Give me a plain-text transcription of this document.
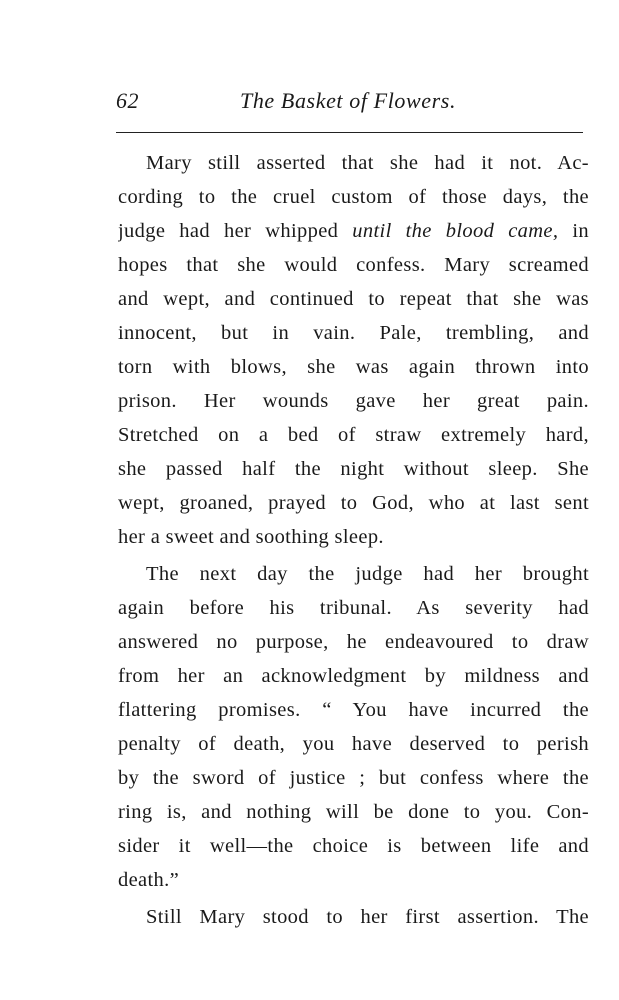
62	The Basket of Flowers.
Mary still asserted that she had it not. Ac-
cording to the cruel custom of those days, the
judge had her whipped until the blood came, in
hopes that she would confess. Mary screamed
and wept, and continued to repeat that she was
innocent, but in vain. Pale, trembling, and
torn with blows, she was again thrown into
prison. Her wounds gave her great pain.
Stretched on a bed of straw extremely hard,
she passed half the night without sleep. She
wept, groaned, prayed to God, who at last sent
her a sweet and soothing sleep.
The next day the judge had her brought
again before his tribunal. As severity had
answered no purpose, he endeavoured to draw
from her an acknowledgment by mildness and
flattering promises. “ You have incurred the
penalty of death, you have deserved to perish
by the sword of justice ; but confess where the
ring is, and nothing will be done to you. Con-
sider it well—the choice is between life and
death.”
Still Mary stood to her first assertion. The
